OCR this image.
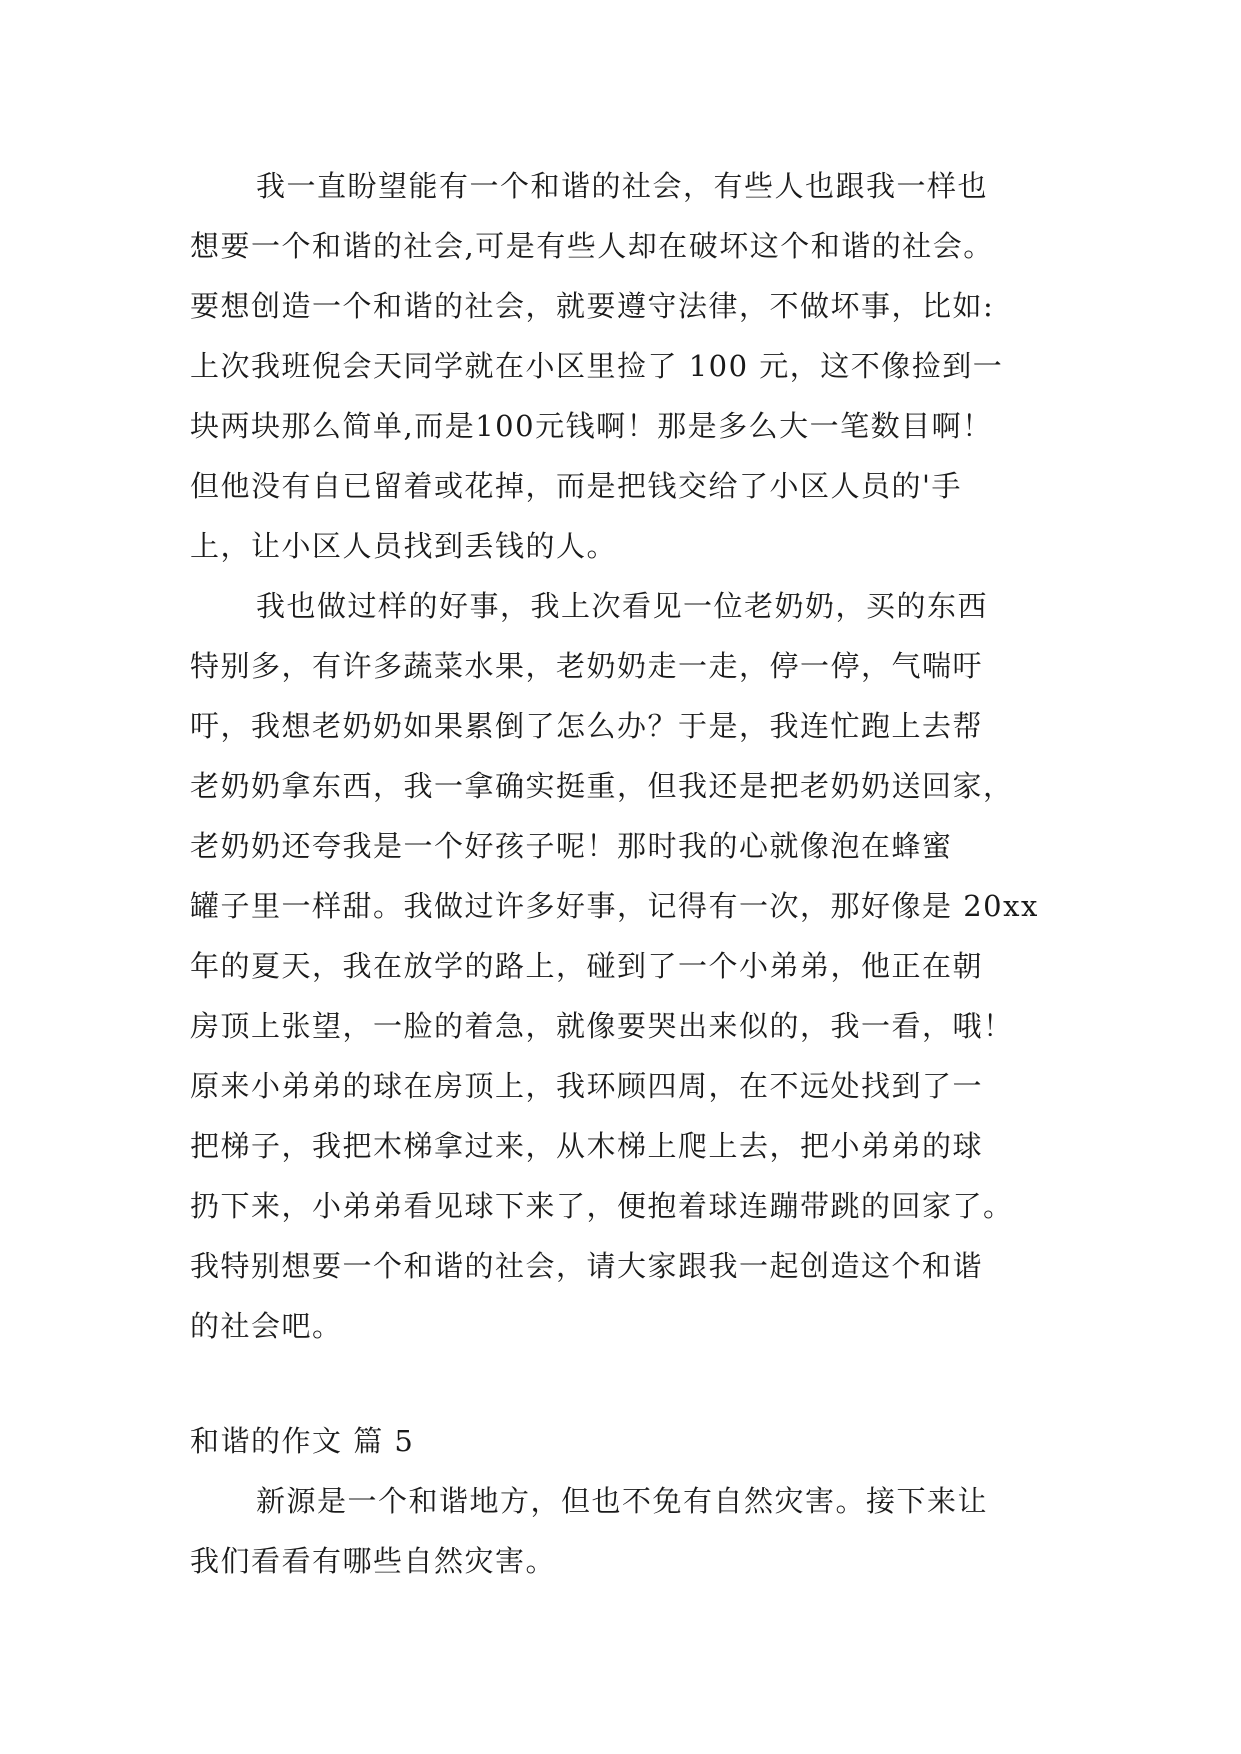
我一直盼望能有一个和谐的社会，有些人也跟我一样也
想要一个和谐的社会,可是有些人却在破坏这个和谐的社会。
要想创造一个和谐的社会，就要遵守法律，不做坏事，比如:
上次我班倪会天同学就在小区里捡了 100 元，这不像捡到一
块两块那么简单,而是100元钱啊！那是多么大一笔数目啊！
但他没有自已留着或花掉，而是把钱交给了小区人员的'手
上，让小区人员找到丢钱的人。
我也做过样的好事，我上次看见一位老奶奶，买的东西
特别多，有许多蔬菜水果，老奶奶走一走，停一停，气喘吁
吁，我想老奶奶如果累倒了怎么办？于是，我连忙跑上去帮
老奶奶拿东西，我一拿确实挺重，但我还是把老奶奶送回家，
老奶奶还夸我是一个好孩子呢！那时我的心就像泡在蜂蜜
罐子里一样甜。我做过许多好事，记得有一次，那好像是 20xx
年的夏天，我在放学的路上，碰到了一个小弟弟，他正在朝
房顶上张望，一脸的着急，就像要哭出来似的，我一看，哦！
原来小弟弟的球在房顶上，我环顾四周，在不远处找到了一
把梯子，我把木梯拿过来，从木梯上爬上去，把小弟弟的球
扔下来，小弟弟看见球下来了，便抱着球连蹦带跳的回家了。
我特别想要一个和谐的社会，请大家跟我一起创造这个和谐
的社会吧。
和谐的作文 篇 5
新源是一个和谐地方，但也不免有自然灾害。接下来让
我们看看有哪些自然灾害。
